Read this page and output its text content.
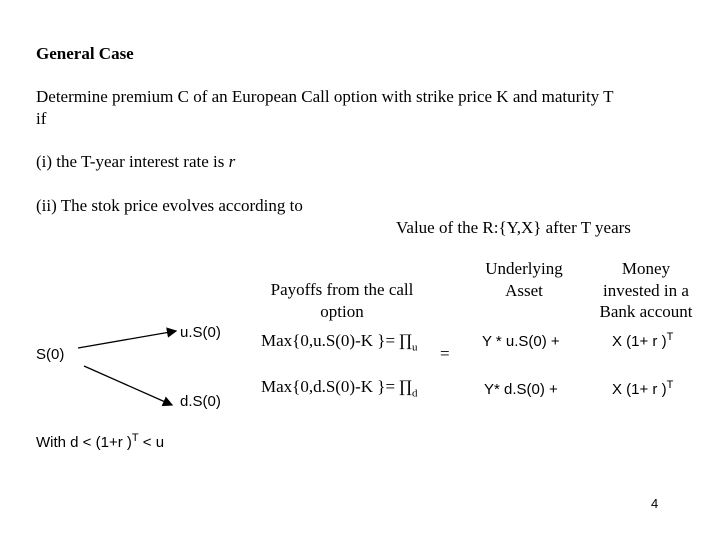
General Case
Determine premium C of an European Call option with strike price K and maturity T
if
(i) the T-year interest rate is r
(ii) The stok price evolves according to
Value of the R:{Y,X} after T years
S(0)
u.S(0)
d.S(0)
Payoffs from the call option
Max{0,u.S(0)-K }= $\prod_u$
Max{0,d.S(0)-K }= $\prod_d$
=
Underlying
Asset
Y * u.S(0) +
Y* d.S(0) +
Money
invested in a
Bank account
X (1+ r )$^T$
X (1+ r )$^T$
With d < (1+r )$^T$ < u
4
